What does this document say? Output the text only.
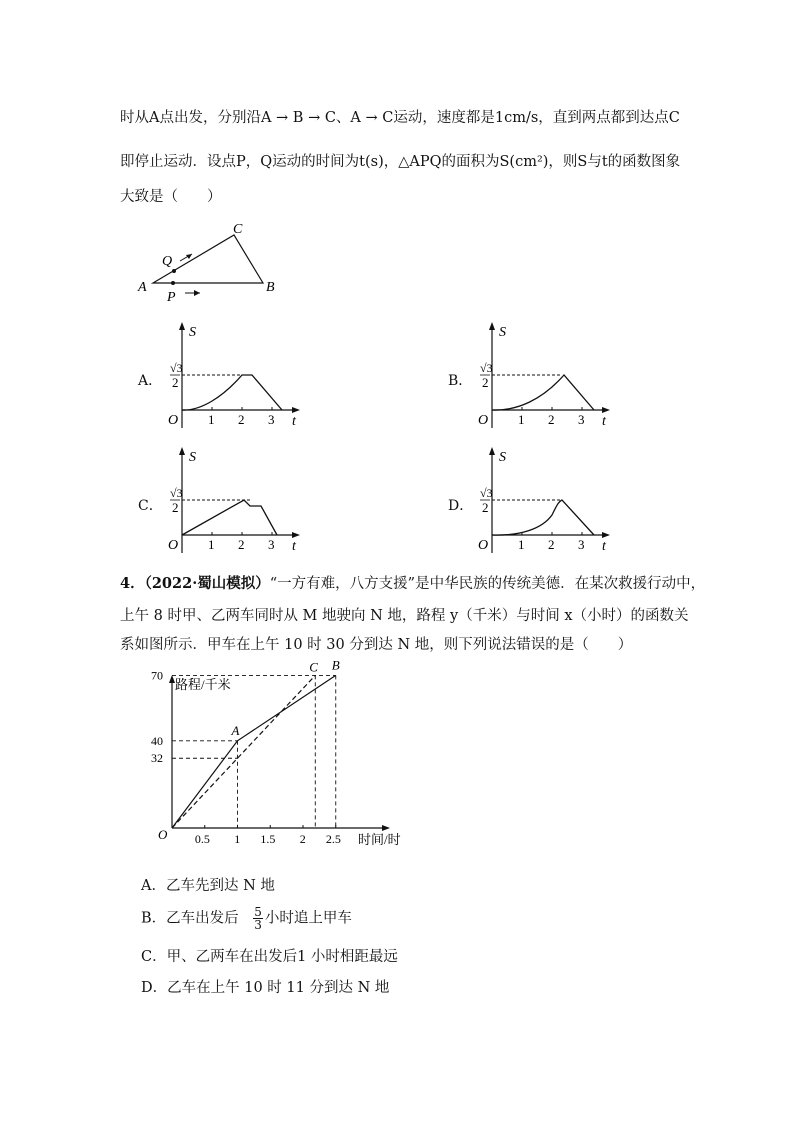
时从A点出发，分别沿A → B → C、A → C运动，速度都是1cm/s，直到两点都到达点C
即停止运动．设点P，Q运动的时间为t(s)，△APQ的面积为S(cm²)，则S与t的函数图象
大致是（　　）
A	B
C
Q
P
A．
S
t
O 1 2 3
√3
2	B．
S
t
O 1 2 3
√3
2
C．
S
t
O 1 2 3
√3
2	D．
S
t
O 1 2 3
√3
2
4．（2022·蜀山模拟）“一方有难，八方支援”是中华民族的传统美德．在某次救援行动中，
上午 8 时甲、乙两车同时从 M 地驶向 N 地，路程 y（千米）与时间 x（小时）的函数关
系如图所示．甲车在上午 10 时 30 分到达 N 地，则下列说法错误的是（　　）
0.5 1 1.5 2 2.5
70
40
32
路程/千米
时间/时
O
A
B
C
A．乙车先到达 N 地
B．乙车出发后 $\frac{5}{3}$ 小时追上甲车
C．甲、乙两车在出发后1 小时相距最远
D．乙车在上午 10 时 11 分到达 N 地
